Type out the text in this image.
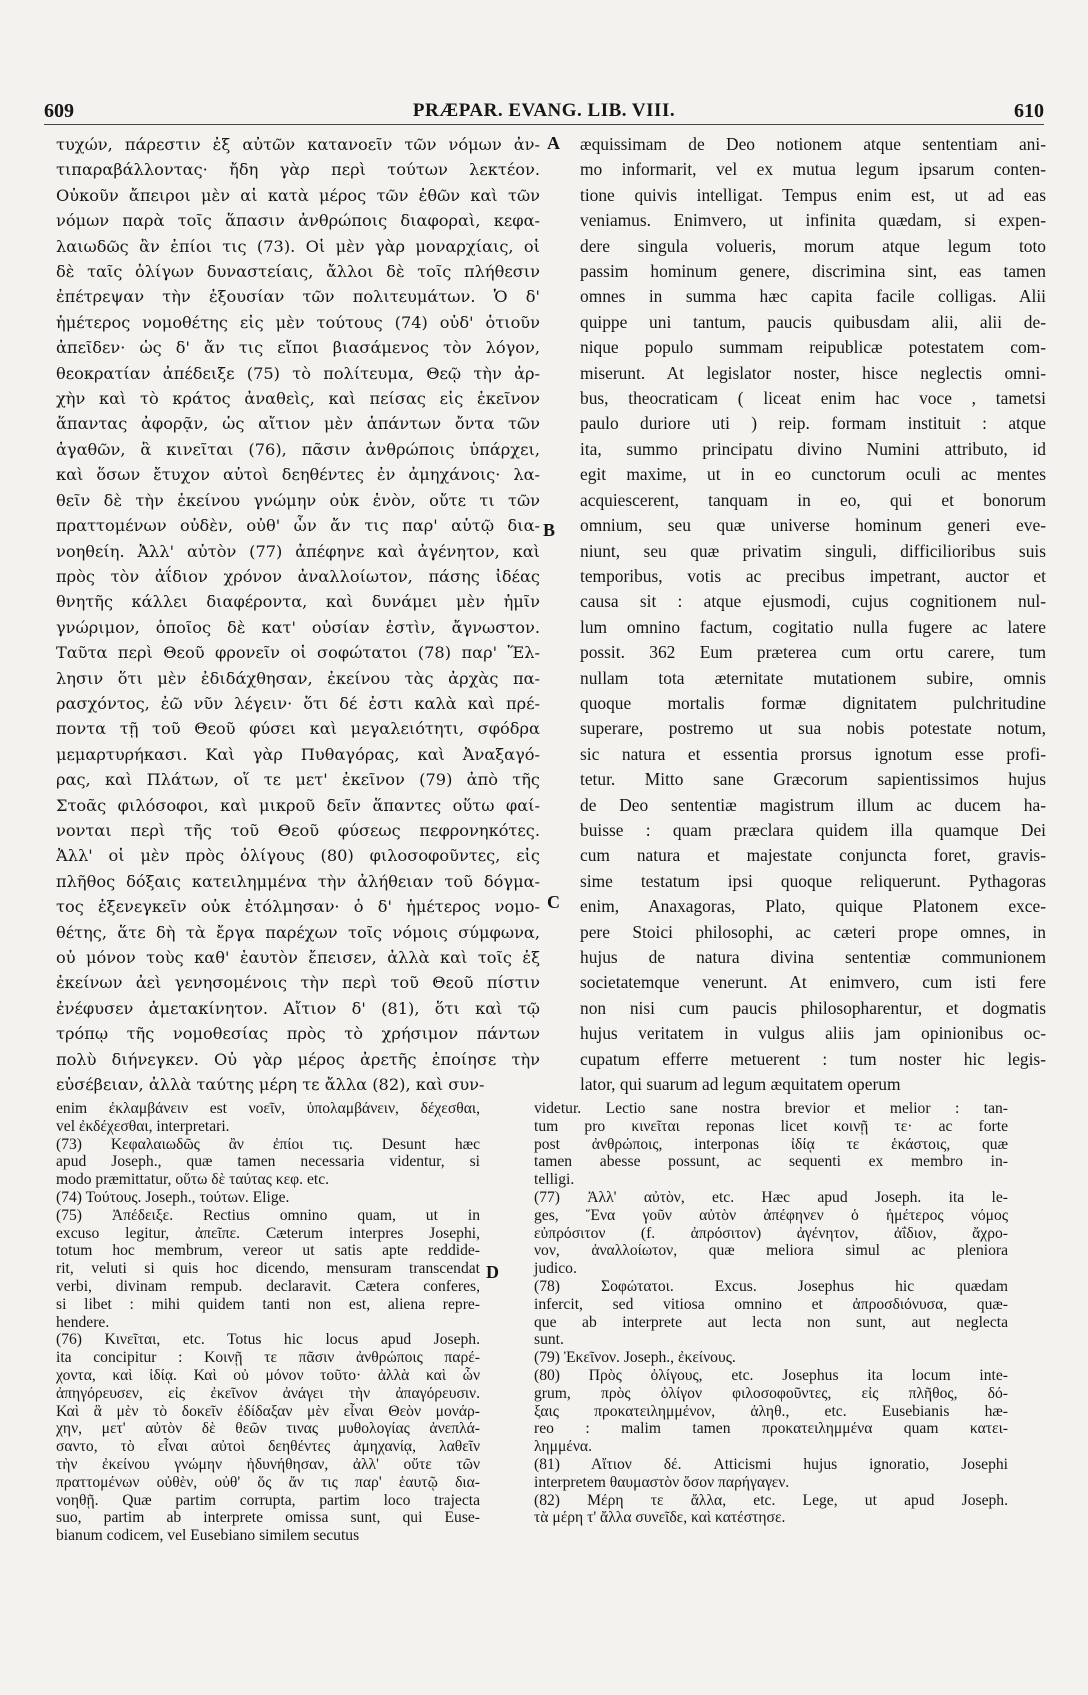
609	PRÆPAR. EVANG. LIB. VIII.	610
A
B
C
D
τυχών, πάρεστιν ἐξ αὐτῶν κατανοεῖν τῶν νόμων ἀν-
τιπαραβάλλοντας· ἤδη γὰρ περὶ τούτων λεκτέον.
Οὐκοῦν ἄπειροι μὲν αἱ κατὰ μέρος τῶν ἐθῶν καὶ τῶν
νόμων παρὰ τοῖς ἅπασιν ἀνθρώποις διαφοραὶ, κεφα-
λαιωδῶς ἂν ἐπίοι τις (73). Οἱ μὲν γὰρ μοναρχίαις, οἱ
δὲ ταῖς ὀλίγων δυναστείαις, ἄλλοι δὲ τοῖς πλήθεσιν
ἐπέτρεψαν τὴν ἐξουσίαν τῶν πολιτευμάτων. Ὁ δ'
ἡμέτερος νομοθέτης εἰς μὲν τούτους (74) οὐδ' ὁτιοῦν
ἀπεῖδεν· ὡς δ' ἄν τις εἴποι βιασάμενος τὸν λόγον,
θεοκρατίαν ἀπέδειξε (75) τὸ πολίτευμα, Θεῷ τὴν ἀρ-
χὴν καὶ τὸ κράτος ἀναθεὶς, καὶ πείσας εἰς ἐκεῖνον
ἅπαντας ἀφορᾷν, ὡς αἴτιον μὲν ἁπάντων ὄντα τῶν
ἀγαθῶν, ἃ κινεῖται (76), πᾶσιν ἀνθρώποις ὑπάρχει,
καὶ ὅσων ἔτυχον αὐτοὶ δεηθέντες ἐν ἀμηχάνοις· λα-
θεῖν δὲ τὴν ἐκείνου γνώμην οὐκ ἐνὸν, οὔτε τι τῶν
πραττομένων οὐδὲν, οὐθ' ὧν ἄν τις παρ' αὑτῷ δια-
νοηθείη. Ἀλλ' αὐτὸν (77) ἀπέφηνε καὶ ἀγένητον, καὶ
πρὸς τὸν ἀΐδιον χρόνον ἀναλλοίωτον, πάσης ἰδέας
θνητῆς κάλλει διαφέροντα, καὶ δυνάμει μὲν ἡμῖν
γνώριμον, ὁποῖος δὲ κατ' οὐσίαν ἐστὶν, ἄγνωστον.
Ταῦτα περὶ Θεοῦ φρονεῖν οἱ σοφώτατοι (78) παρ' Ἕλ-
λησιν ὅτι μὲν ἐδιδάχθησαν, ἐκείνου τὰς ἀρχὰς πα-
ρασχόντος, ἐῶ νῦν λέγειν· ὅτι δέ ἐστι καλὰ καὶ πρέ-
ποντα τῇ τοῦ Θεοῦ φύσει καὶ μεγαλειότητι, σφόδρα
μεμαρτυρήκασι. Καὶ γὰρ Πυθαγόρας, καὶ Ἀναξαγό-
ρας, καὶ Πλάτων, οἵ τε μετ' ἐκεῖνον (79) ἀπὸ τῆς
Στοᾶς φιλόσοφοι, καὶ μικροῦ δεῖν ἅπαντες οὕτω φαί-
νονται περὶ τῆς τοῦ Θεοῦ φύσεως πεφρονηκότες.
Ἀλλ' οἱ μὲν πρὸς ὀλίγους (80) φιλοσοφοῦντες, εἰς
πλῆθος δόξαις κατειλημμένα τὴν ἀλήθειαν τοῦ δόγμα-
τος ἐξενεγκεῖν οὐκ ἐτόλμησαν· ὁ δ' ἡμέτερος νομο-
θέτης, ἅτε δὴ τὰ ἔργα παρέχων τοῖς νόμοις σύμφωνα,
οὐ μόνον τοὺς καθ' ἑαυτὸν ἔπεισεν, ἀλλὰ καὶ τοῖς ἐξ
ἐκείνων ἀεὶ γενησομένοις τὴν περὶ τοῦ Θεοῦ πίστιν
ἐνέφυσεν ἀμετακίνητον. Αἴτιον δ' (81), ὅτι καὶ τῷ
τρόπῳ τῆς νομοθεσίας πρὸς τὸ χρήσιμον πάντων
πολὺ διήνεγκεν. Οὐ γὰρ μέρος ἀρετῆς ἐποίησε τὴν
εὐσέβειαν, ἀλλὰ ταύτης μέρη τε ἄλλα (82), καὶ συν-
æquissimam de Deo notionem atque sententiam ani-
mo informarit, vel ex mutua legum ipsarum conten-
tione quivis intelligat. Tempus enim est, ut ad eas
veniamus. Enimvero, ut infinita quædam, si expen-
dere singula volueris, morum atque legum toto
passim hominum genere, discrimina sint, eas tamen
omnes in summa hæc capita facile colligas. Alii
quippe uni tantum, paucis quibusdam alii, alii de-
nique populo summam reipublicæ potestatem com-
miserunt. At legislator noster, hisce neglectis omni-
bus, theocraticam ( liceat enim hac voce , tametsi
paulo duriore uti ) reip. formam instituit : atque
ita, summo principatu divino Numini attributo, id
egit maxime, ut in eo cunctorum oculi ac mentes
acquiescerent, tanquam in eo, qui et bonorum
omnium, seu quæ universe hominum generi eve-
niunt, seu quæ privatim singuli, difficilioribus suis
temporibus, votis ac precibus impetrant, auctor et
causa sit : atque ejusmodi, cujus cognitionem nul-
lum omnino factum, cogitatio nulla fugere ac latere
possit. 362 Eum præterea cum ortu carere, tum
nullam tota æternitate mutationem subire, omnis
quoque mortalis formæ dignitatem pulchritudine
superare, postremo ut sua nobis potestate notum,
sic natura et essentia prorsus ignotum esse profi-
tetur. Mitto sane Græcorum sapientissimos hujus
de Deo sententiæ magistrum illum ac ducem ha-
buisse : quam præclara quidem illa quamque Dei
cum natura et majestate conjuncta foret, gravis-
sime testatum ipsi quoque reliquerunt. Pythagoras
enim, Anaxagoras, Plato, quique Platonem exce-
pere Stoici philosophi, ac cæteri prope omnes, in
hujus de natura divina sententiæ communionem
societatemque venerunt. At enimvero, cum isti fere
non nisi cum paucis philosopharentur, et dogmatis
hujus veritatem in vulgus aliis jam opinionibus oc-
cupatum efferre metuerent : tum noster hic legis-
lator, qui suarum ad legum æquitatem operum
enim ἐκλαμβάνειν est νοεῖν, ὑπολαμβάνειν, δέχεσθαι,
vel ἐκδέχεσθαι, interpretari.
(73) Κεφαλαιωδῶς ἂν ἐπίοι τις. Desunt hæc
apud Joseph., quæ tamen necessaria videntur, si
modo præmittatur, οὕτω δὲ ταύτας κεφ. etc.
(74) Τούτους. Joseph., τούτων. Elige.
(75) Ἀπέδειξε. Rectius omnino quam, ut in
excuso legitur, ἀπεῖπε. Cæterum interpres Josephi,
totum hoc membrum, vereor ut satis apte reddide-
rit, veluti si quis hoc dicendo, mensuram transcendat
verbi, divinam rempub. declaravit. Cætera conferes,
si libet : mihi quidem tanti non est, aliena repre-
hendere.
(76) Κινεῖται, etc. Totus hic locus apud Joseph.
ita concipitur : Κοινῇ τε πᾶσιν ἀνθρώποις παρέ-
χοντα, καὶ ἰδίᾳ. Καὶ οὐ μόνον τοῦτο· ἀλλὰ καὶ ὧν
ἀπηγόρευσεν, εἰς ἐκεῖνον ἀνάγει τὴν ἀπαγόρευσιν.
Καὶ ἃ μὲν τὸ δοκεῖν ἐδίδαξαν μὲν εἶναι Θεὸν μονάρ-
χην, μετ' αὐτὸν δὲ θεῶν τινας μυθολογίας ἀνεπλά-
σαντο, τὸ εἶναι αὐτοὶ δεηθέντες ἀμηχανίᾳ, λαθεῖν
τὴν ἐκείνου γνώμην ἠδυνήθησαν, ἀλλ' οὔτε τῶν
πραττομένων οὐθὲν, οὐθ' ὅς ἄν τις παρ' ἑαυτῷ δια-
νοηθῇ. Quæ partim corrupta, partim loco trajecta
suo, partim ab interprete omissa sunt, qui Euse-
bianum codicem, vel Eusebiano similem secutus
videtur. Lectio sane nostra brevior et melior : tan-
tum pro κινεῖται reponas licet κοινῇ τε· ac forte
post ἀνθρώποις, interponas ἰδίᾳ τε ἑκάστοις, quæ
tamen abesse possunt, ac sequenti ex membro in-
telligi.
(77) Ἀλλ' αὐτὸν, etc. Hæc apud Joseph. ita le-
ges, Ἕνα γοῦν αὐτὸν ἀπέφηνεν ὁ ἡμέτερος νόμος
εὐπρόσιτον (f. ἀπρόσιτον) ἀγένητον, ἀΐδιον, ἄχρο-
νον, ἀναλλοίωτον, quæ meliora simul ac pleniora
judico.
(78) Σοφώτατοι. Excus. Josephus hic quædam
infercit, sed vitiosa omnino et ἀπροσδιόνυσα, quæ-
que ab interprete aut lecta non sunt, aut neglecta
sunt.
(79) Ἐκεῖνον. Joseph., ἐκείνους.
(80) Πρὸς ὀλίγους, etc. Josephus ita locum inte-
grum, πρὸς ὀλίγον φιλοσοφοῦντες, εἰς πλῆθος, δό-
ξαις προκατειλημμένον, ἀληθ., etc. Eusebianis hæ-
reo : malim tamen προκατειλημμένα quam κατει-
λημμένα.
(81) Αἴτιον δέ. Atticismi hujus ignoratio, Josephi
interpretem θαυμαστὸν ὅσον παρήγαγεν.
(82) Μέρη τε ἄλλα, etc. Lege, ut apud Joseph.
τὰ μέρη τ' ἄλλα συνεῖδε, καὶ κατέστησε.
